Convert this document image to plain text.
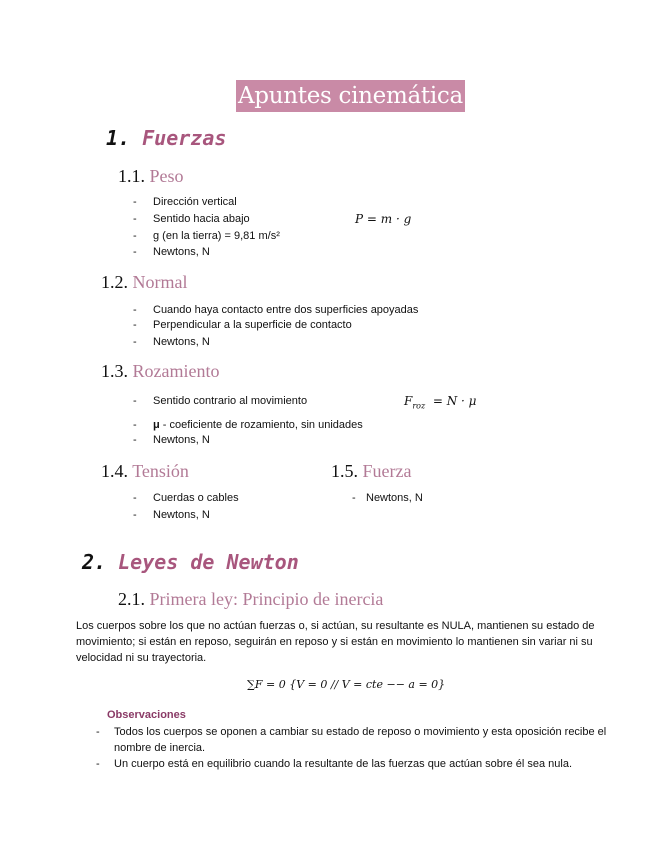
Apuntes cinemática
1. Fuerzas
1.1. Peso
- Dirección vertical
- Sentido hacia abajo
- g (en la tierra) = 9,81 m/s²
- Newtons, N
P = m · g
1.2. Normal
- Cuando haya contacto entre dos superficies apoyadas
- Perpendicular a la superficie de contacto
- Newtons, N
1.3. Rozamiento
- Sentido contrario al movimiento
- μ - coeficiente de rozamiento, sin unidades
- Newtons, N
$F_{roz} = N \cdot \mu$
1.4. Tensión
- Cuerdas o cables
- Newtons, N
1.5. Fuerza
- Newtons, N
2. Leyes de Newton
2.1. Primera ley: Principio de inercia
Los cuerpos sobre los que no actúan fuerzas o, si actúan, su resultante es NULA, mantienen su estado de movimiento; si están en reposo, seguirán en reposo y si están en movimiento lo mantienen sin variar ni su velocidad ni su trayectoria.
∑F = 0 {V = 0 // V = cte −− a = 0}
Observaciones
- Todos los cuerpos se oponen a cambiar su estado de reposo o movimiento y esta oposición recibe el nombre de inercia.
- Un cuerpo está en equilibrio cuando la resultante de las fuerzas que actúan sobre él sea nula.
